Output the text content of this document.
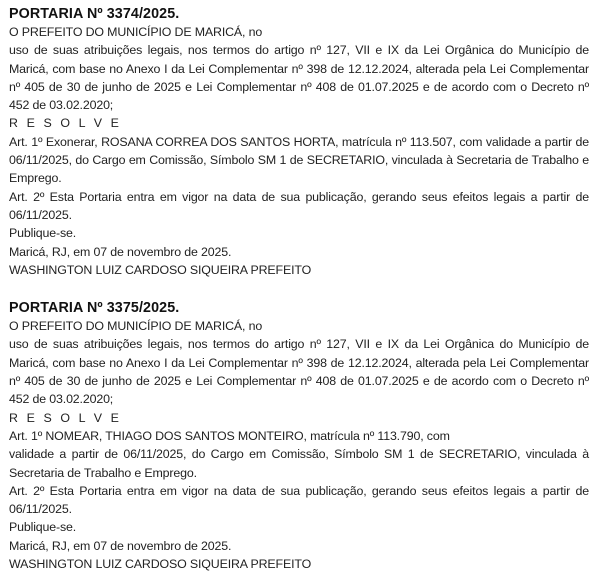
PORTARIA Nº 3374/2025.
O PREFEITO DO MUNICÍPIO DE MARICÁ, no
uso de suas atribuições legais, nos termos do artigo nº 127, VII e IX da Lei Orgânica do Município de Maricá, com base no Anexo I da Lei Complementar nº 398 de 12.12.2024, alterada pela Lei Complementar nº 405 de 30 de junho de 2025 e Lei Complementar nº 408 de 01.07.2025 e de acordo com o Decreto nº 452 de 03.02.2020;
R E S O L V E
Art. 1º Exonerar, ROSANA CORREA DOS SANTOS HORTA, matrícula nº 113.507, com validade a partir de 06/11/2025, do Cargo em Comissão, Símbolo SM 1 de SECRETARIO, vinculada à Secretaria de Trabalho e Emprego.
Art. 2º Esta Portaria entra em vigor na data de sua publicação, gerando seus efeitos legais a partir de 06/11/2025.
Publique-se.
Maricá, RJ, em 07 de novembro de 2025.
WASHINGTON LUIZ CARDOSO SIQUEIRA PREFEITO
PORTARIA Nº 3375/2025.
O PREFEITO DO MUNICÍPIO DE MARICÁ, no
uso de suas atribuições legais, nos termos do artigo nº 127, VII e IX da Lei Orgânica do Município de Maricá, com base no Anexo I da Lei Complementar nº 398 de 12.12.2024, alterada pela Lei Complementar nº 405 de 30 de junho de 2025 e Lei Complementar nº 408 de 01.07.2025 e de acordo com o Decreto nº 452 de 03.02.2020;
R E S O L V E
Art. 1º NOMEAR, THIAGO DOS SANTOS MONTEIRO, matrícula nº 113.790, com
validade a partir de 06/11/2025, do Cargo em Comissão, Símbolo SM 1 de SECRETARIO, vinculada à Secretaria de Trabalho e Emprego.
Art. 2º Esta Portaria entra em vigor na data de sua publicação, gerando seus efeitos legais a partir de 06/11/2025.
Publique-se.
Maricá, RJ, em 07 de novembro de 2025.
WASHINGTON LUIZ CARDOSO SIQUEIRA PREFEITO
